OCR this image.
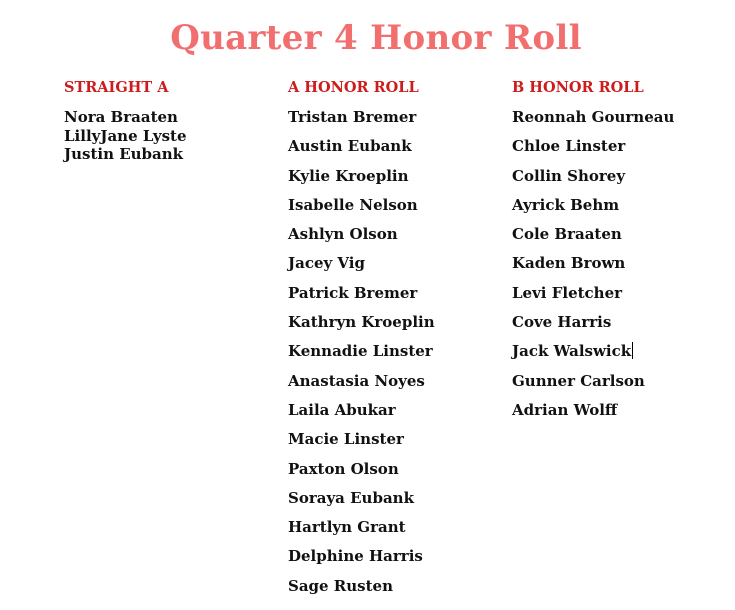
Quarter 4 Honor Roll
STRAIGHT A
Nora Braaten
LillyJane Lyste
Justin Eubank
A HONOR ROLL
Tristan Bremer
Austin Eubank
Kylie Kroeplin
Isabelle Nelson
Ashlyn Olson
Jacey Vig
Patrick Bremer
Kathryn Kroeplin
Kennadie Linster
Anastasia Noyes
Laila Abukar
Macie Linster
Paxton Olson
Soraya Eubank
Hartlyn Grant
Delphine Harris
Sage Rusten
B HONOR ROLL
Reonnah Gourneau
Chloe Linster
Collin Shorey
Ayrick Behm
Cole Braaten
Kaden Brown
Levi Fletcher
Cove Harris
Jack Walswick
Gunner Carlson
Adrian Wolff
